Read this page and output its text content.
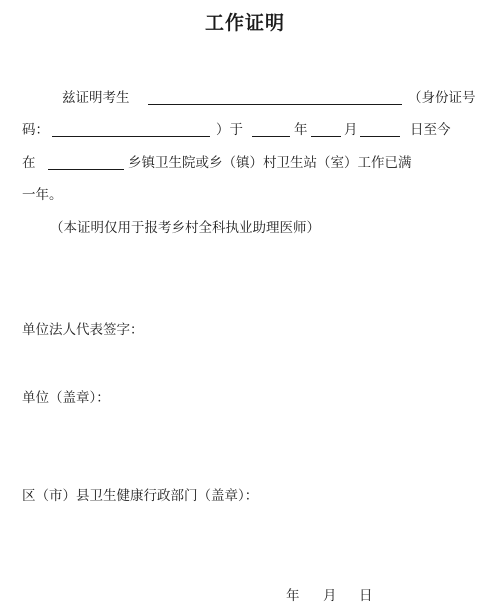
工作证明
兹证明考生	（身份证号
码：	）于	年	月	日至今
在	乡镇卫生院或乡（镇）村卫生站（室）工作已满
一年。
（本证明仅用于报考乡村全科执业助理医师）
单位法人代表签字：
单位（盖章）：
区（市）县卫生健康行政部门（盖章）：
年 月 日
